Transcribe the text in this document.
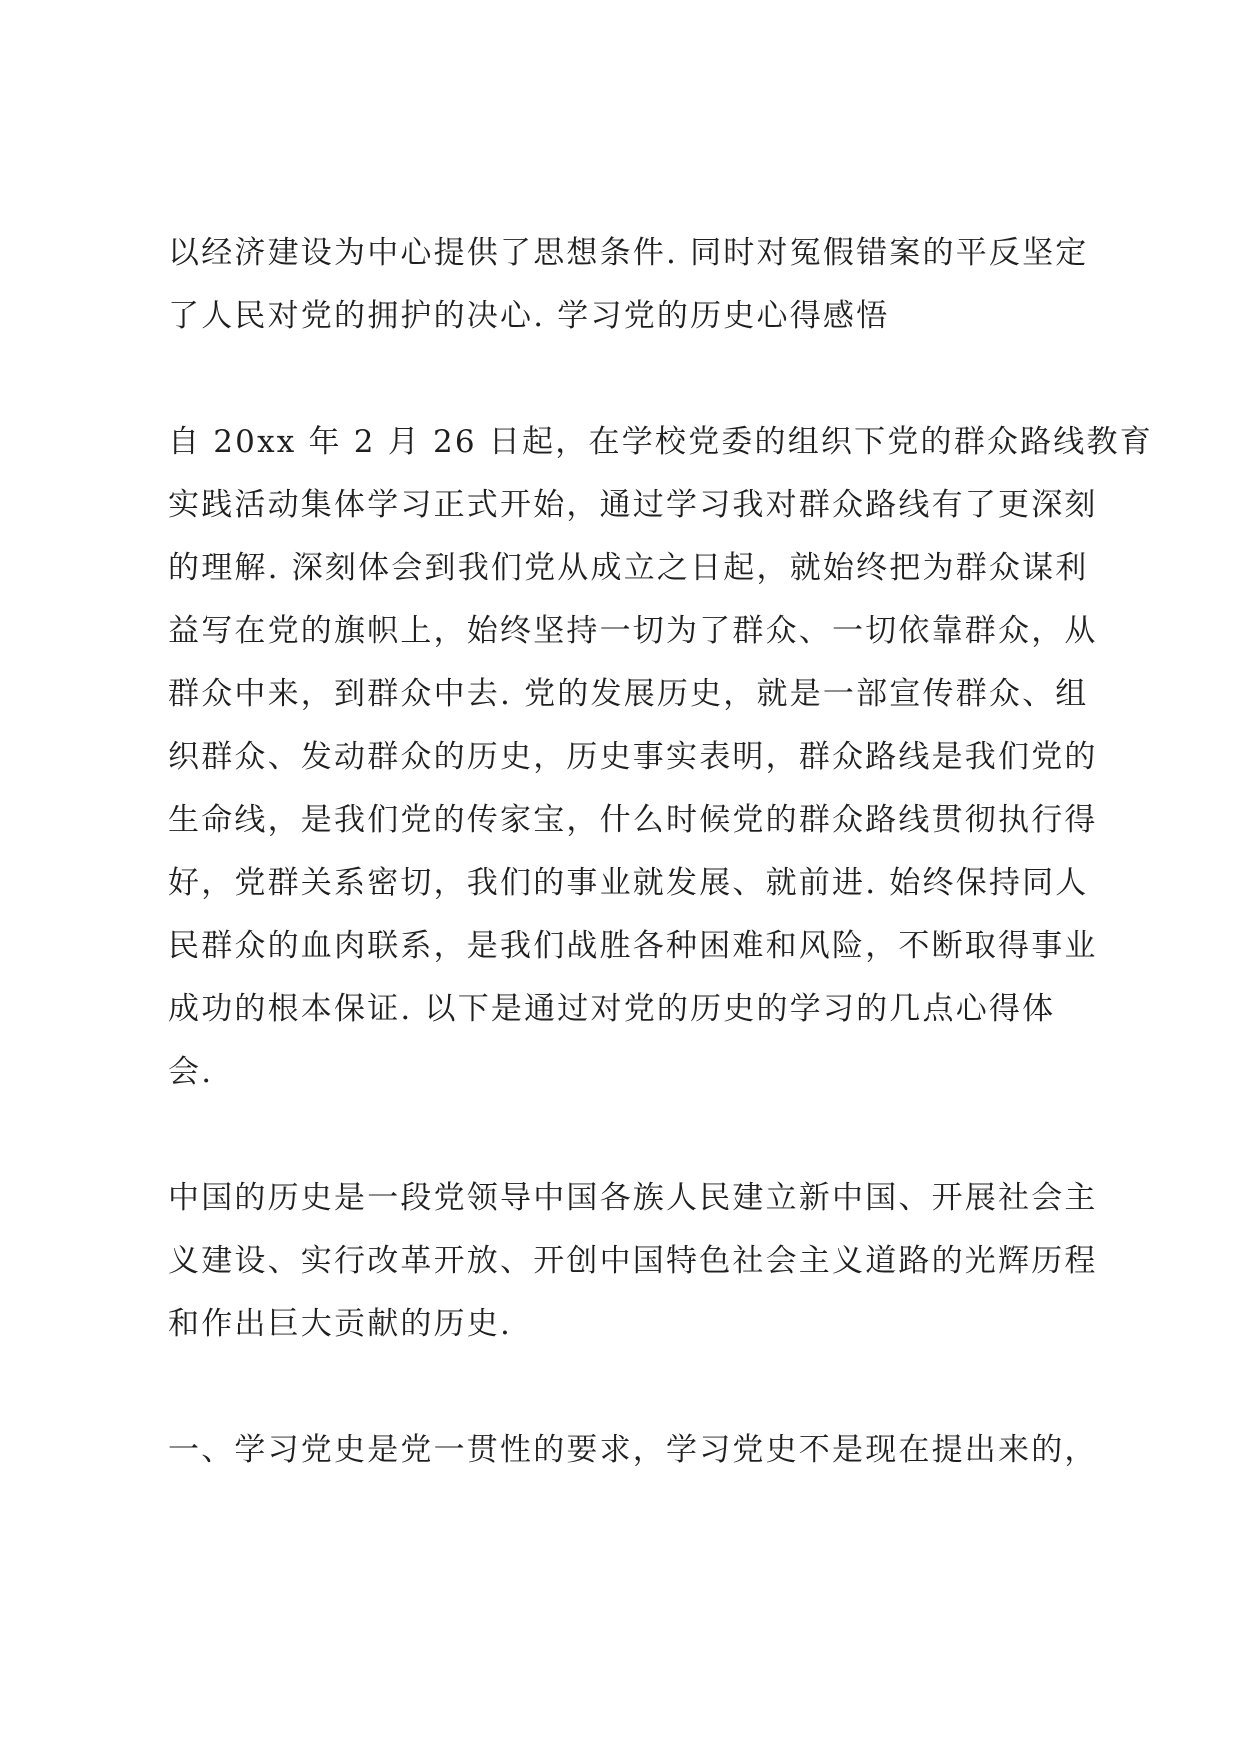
以经济建设为中心提供了思想条件. 同时对冤假错案的平反坚定
了人民对党的拥护的决心. 学习党的历史心得感悟
自 20xx 年 2 月 26 日起，在学校党委的组织下党的群众路线教育
实践活动集体学习正式开始，通过学习我对群众路线有了更深刻
的理解. 深刻体会到我们党从成立之日起，就始终把为群众谋利
益写在党的旗帜上，始终坚持一切为了群众、一切依靠群众，从
群众中来，到群众中去. 党的发展历史，就是一部宣传群众、组
织群众、发动群众的历史，历史事实表明，群众路线是我们党的
生命线，是我们党的传家宝，什么时候党的群众路线贯彻执行得
好，党群关系密切，我们的事业就发展、就前进. 始终保持同人
民群众的血肉联系，是我们战胜各种困难和风险，不断取得事业
成功的根本保证. 以下是通过对党的历史的学习的几点心得体
会.
中国的历史是一段党领导中国各族人民建立新中国、开展社会主
义建设、实行改革开放、开创中国特色社会主义道路的光辉历程
和作出巨大贡献的历史.
一、学习党史是党一贯性的要求，学习党史不是现在提出来的，
